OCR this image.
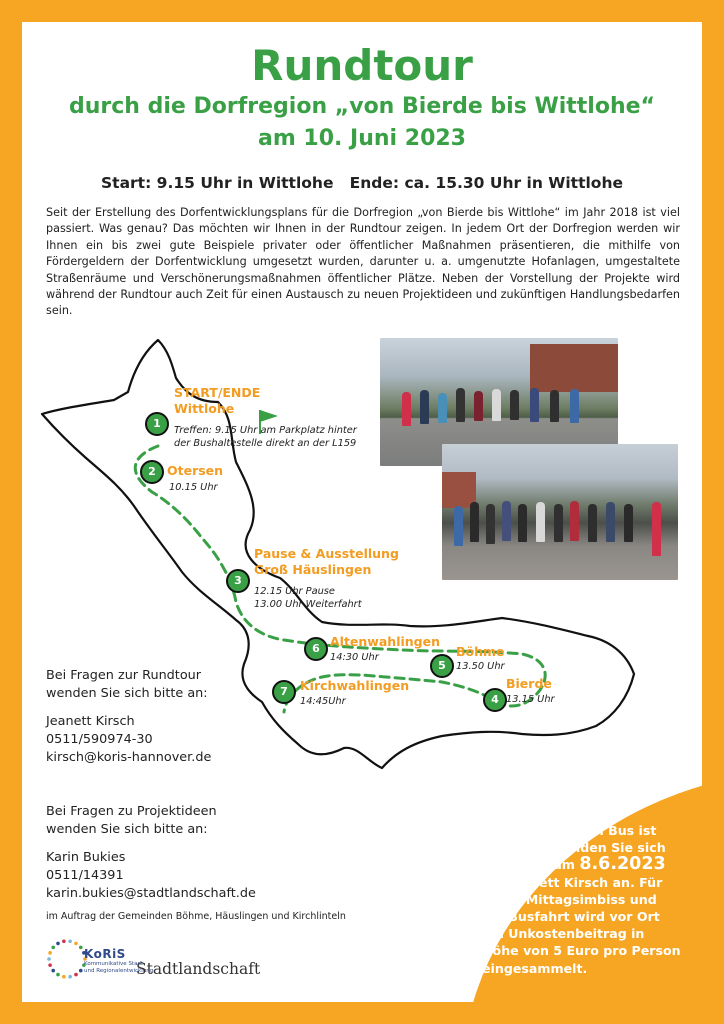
Rundtour
durch die Dorfregion „von Bierde bis Wittlohe“
am 10. Juni 2023
Start: 9.15 Uhr in Wittlohe Ende: ca. 15.30 Uhr in Wittlohe

Seit der Erstellung des Dorfentwicklungsplans für die Dorfregion „von Bierde bis Wittlohe“ im Jahr 2018 ist viel passiert. Was genau? Das möchten wir Ihnen in der Rundtour zeigen. In jedem Ort der Dorfregion werden wir Ihnen ein bis zwei gute Beispiele privater oder öffentlicher Maßnahmen präsentieren, die mithilfe von Fördergeldern der Dorfentwicklung umgesetzt wurden, darunter u. a. umgenutzte Hofanlagen, umgestaltete Straßenräume und Verschönerungsmaßnahmen öffentlicher Plätze. Neben der Vorstellung der Projekte wird während der Rundtour auch Zeit für einen Austausch zu neuen Projektideen und zukünftigen Handlungsbedarfen sein.

1
2
3
4
5
6
7
START/ENDE
Wittlohe
Treffen: 9.15 Uhr am Parkplatz hinter
der Bushaltestelle direkt an der L159
Otersen
10.15 Uhr
Pause & Ausstellung
Groß Häuslingen
12.15 Uhr Pause
13.00 Uhr Weiterfahrt
Bierde
13.15 Uhr
Böhme
13.50 Uhr
Altenwahlingen
14:30 Uhr
Kirchwahlingen
14:45Uhr
Bei Fragen zur Rundtour
wenden Sie sich bitte an:
Jeanett Kirsch
0511/590974-30
kirsch@koris-hannover.de
Bei Fragen zu Projektideen
wenden Sie sich bitte an:
Karin Bukies
0511/14391
karin.bukies@stadtlandschaft.de
im Auftrag der Gemeinden Böhme, Häuslingen und Kirchlinteln
KoRiS
Kommunikative Stadt-
und Regionalentwicklung
Stadtlandschaft
Die Teilnahme im Bus ist
begrenzt. Melden Sie sich
bitte bis zum 8.6.2023
bei Jeanett Kirsch an. Für
einen Mittagsimbiss und
die Busfahrt wird vor Ort
ein Unkostenbeitrag in
Höhe von 5 Euro pro Person
eingesammelt.
